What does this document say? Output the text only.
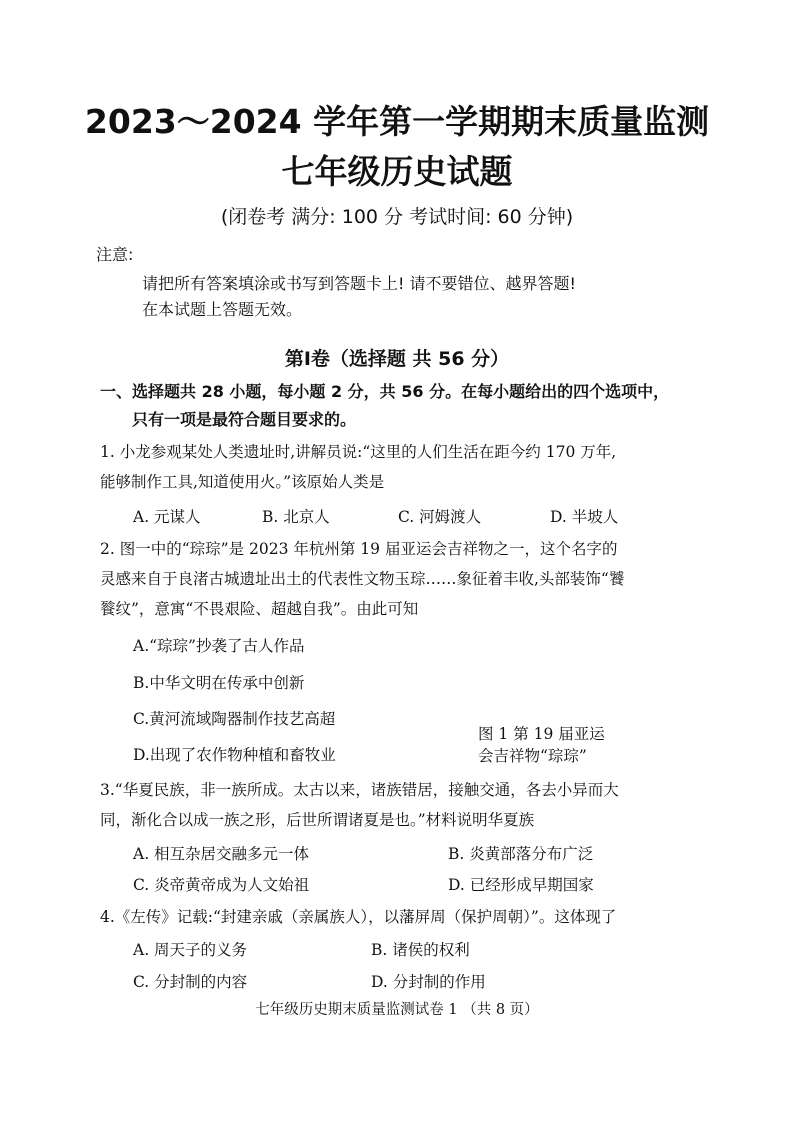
2023～2024 学年第一学期期末质量监测
七年级历史试题
(闭卷考 满分: 100 分 考试时间: 60 分钟)
注意:
请把所有答案填涂或书写到答题卡上! 请不要错位、越界答题!
在本试题上答题无效。
第Ⅰ卷（选择题 共 56 分）
一、选择题共 28 小题，每小题 2 分，共 56 分。在每小题给出的四个选项中，
只有一项是最符合题目要求的。
1. 小龙参观某处人类遗址时,讲解员说:“这里的人们生活在距今约 170 万年,
能够制作工具,知道使用火。”该原始人类是
A. 元谋人	B. 北京人	C. 河姆渡人	D. 半坡人
2. 图一中的“琮琮”是 2023 年杭州第 19 届亚运会吉祥物之一，这个名字的
灵感来自于良渚古城遗址出土的代表性文物玉琮……象征着丰收,头部装饰“饕
餮纹”，意寓“不畏艰险、超越自我”。由此可知
A.“琮琮”抄袭了古人作品
B.中华文明在传承中创新
C.黄河流域陶器制作技艺高超
D.出现了农作物种植和畜牧业
图 1 第 19 届亚运
会吉祥物“琮琮”
3.“华夏民族，非一族所成。太古以来，诸族错居，接触交通，各去小异而大
同，渐化合以成一族之形，后世所谓诸夏是也。”材料说明华夏族
A. 相互杂居交融多元一体	B. 炎黄部落分布广泛
C. 炎帝黄帝成为人文始祖	D. 已经形成早期国家
4.《左传》记载:“封建亲戚（亲属族人），以藩屏周（保护周朝）”。这体现了
A. 周天子的义务	B. 诸侯的权利
C. 分封制的内容	D. 分封制的作用
七年级历史期末质量监测试卷 1 （共 8 页）
